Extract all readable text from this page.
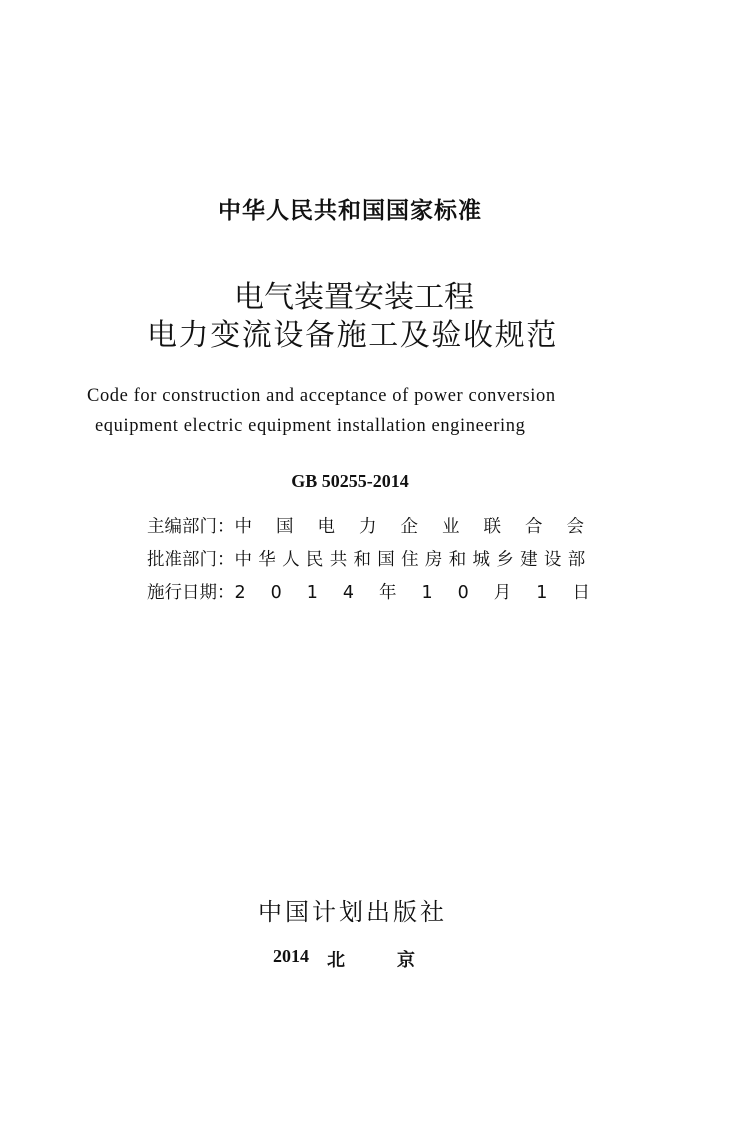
中华人民共和国国家标准
电气装置安装工程
电力变流设备施工及验收规范
Code for construction and acceptance of power conversion
equipment electric equipment installation engineering
GB 50255-2014
主编部门： 中国电力企业联合会
批准部门： 中华人民共和国住房和城乡建设部
施行日期： 2014年10月1日
中国计划出版社
2014 北京
